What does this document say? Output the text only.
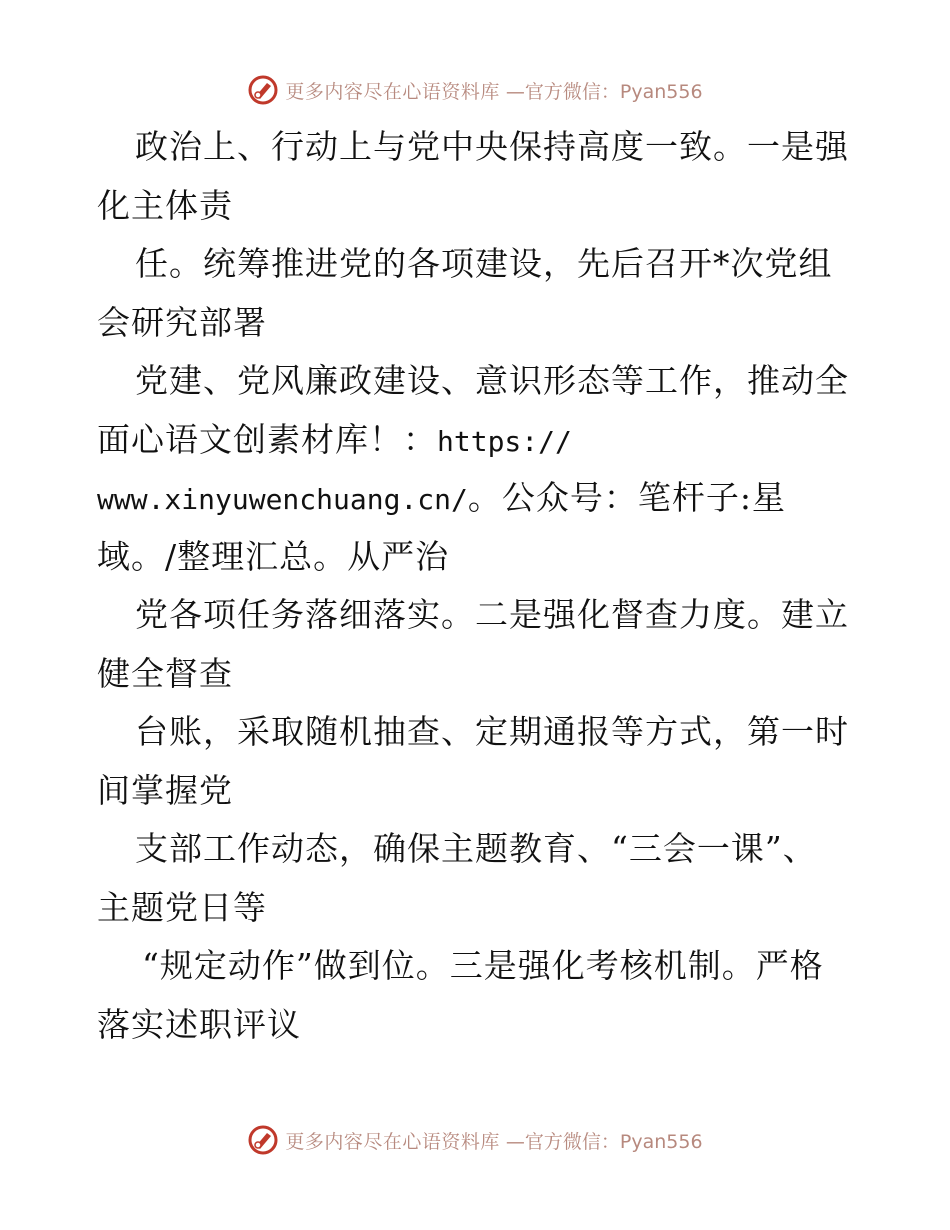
更多内容尽在心语资料库 —官方微信：Pyan556
政治上、行动上与党中央保持高度一致。一是强
化主体责
任。统筹推进党的各项建设，先后召开*次党组
会研究部署
党建、党风廉政建设、意识形态等工作，推动全
面心语文创素材库！：https://
www.xinyuwenchuang.cn/。公众号：笔杆子:星
域。/整理汇总。从严治
党各项任务落细落实。二是强化督查力度。建立
健全督查
台账，采取随机抽查、定期通报等方式，第一时
间掌握党
支部工作动态，确保主题教育、“三会一课”、
主题党日等
“规定动作”做到位。三是强化考核机制。严格
落实述职评议
更多内容尽在心语资料库 —官方微信：Pyan556
